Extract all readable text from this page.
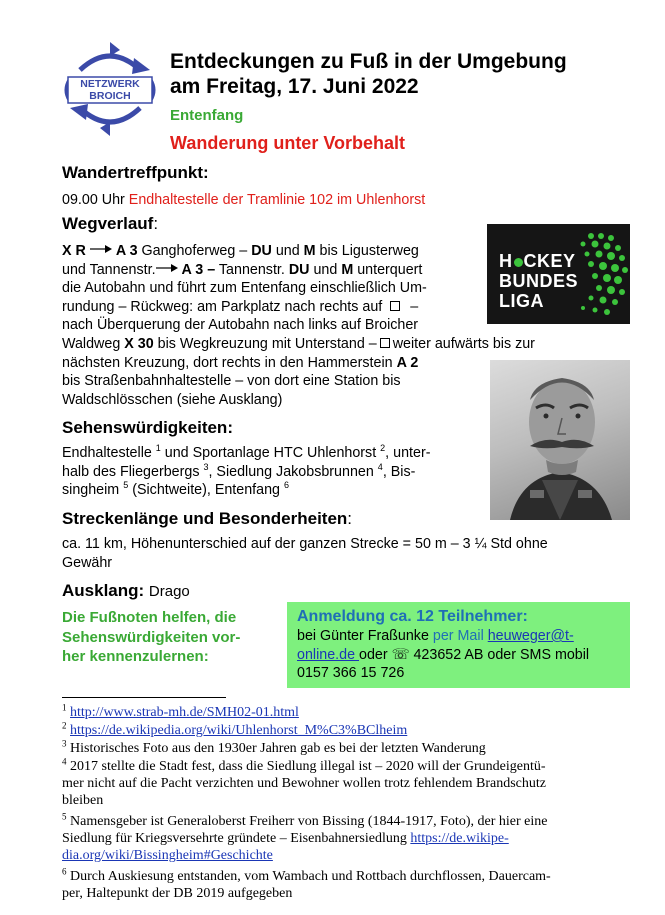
NETZWERK
BROICH
Entdeckungen zu Fuß in der Umgebung
am Freitag, 17. Juni 2022
Entenfang
Wanderung unter Vorbehalt
Wandertreffpunkt:
09.00 Uhr Endhaltestelle der Tramlinie 102 im Uhlenhorst
Wegverlauf:
X R A 3 Ganghoferweg – DU und M bis Ligusterweg
und Tannenstr. A 3 – Tannenstr. DU und M unterquert
die Autobahn und führt zum Entenfang einschließlich Um-
rundung – Rückweg: am Parkplatz nach rechts auf –
nach Überquerung der Autobahn nach links auf Broicher
Waldweg X 30 bis Wegkreuzung mit Unterstand – weiter aufwärts bis zur
nächsten Kreuzung, dort rechts in den Hammerstein A 2
bis Straßenbahnhaltestelle – von dort eine Station bis
Waldschlösschen (siehe Ausklang)
H CKEY
BUNDES
LIGA
Sehenswürdigkeiten:
Endhaltestelle $^1$ und Sportanlage HTC Uhlenhorst $^2$, unter-
halb des Fliegerbergs $^3$, Siedlung Jakobsbrunnen $^4$, Bis-
singheim $^5$ (Sichtweite), Entenfang $^6$
Streckenlänge und Besonderheiten:
ca. 11 km, Höhenunterschied auf der ganzen Strecke = 50 m – 3 ¼ Std ohne
Gewähr
Ausklang: Drago
Die Fußnoten helfen, die
Sehenswürdigkeiten vor-
her kennenzulernen:
Anmeldung ca. 12 Teilnehmer:
bei Günter Fraßunke per Mail heuweger@t-
online.de oder ☏ 423652 AB oder SMS mobil
0157 366 15 726
$^1$ http://www.strab-mh.de/SMH02-01.html
$^2$ https://de.wikipedia.org/wiki/Uhlenhorst_M%C3%BClheim
$^3$ Historisches Foto aus den 1930er Jahren gab es bei der letzten Wanderung
$^4$ 2017 stellte die Stadt fest, dass die Siedlung illegal ist – 2020 will der Grundeigentü-
mer nicht auf die Pacht verzichten und Bewohner wollen trotz fehlendem Brandschutz
bleiben
$^5$ Namensgeber ist Generaloberst Freiherr von Bissing (1844-1917, Foto), der hier eine
Siedlung für Kriegsversehrte gründete – Eisenbahnersiedlung https://de.wikipe-
dia.org/wiki/Bissingheim#Geschichte
$^6$ Durch Auskiesung entstanden, vom Wambach und Rottbach durchflossen, Dauercam-
per, Haltepunkt der DB 2019 aufgegeben
